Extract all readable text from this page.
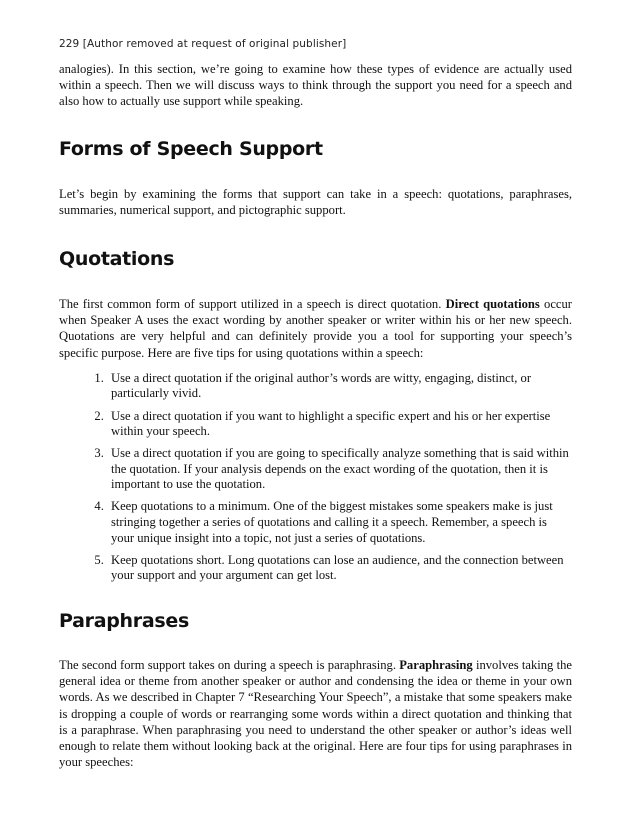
229 [Author removed at request of original publisher]

analogies). In this section, we’re going to examine how these types of evidence are actually used within a speech. Then we will discuss ways to think through the support you need for a speech and also how to actually use support while speaking.

Forms of Speech Support

Let’s begin by examining the forms that support can take in a speech: quotations, paraphrases, summaries, numerical support, and pictographic support.

Quotations

The first common form of support utilized in a speech is direct quotation. Direct quotations occur when Speaker A uses the exact wording by another speaker or writer within his or her new speech. Quotations are very helpful and can definitely provide you a tool for supporting your speech’s specific purpose. Here are five tips for using quotations within a speech:

1. Use a direct quotation if the original author’s words are witty, engaging, distinct, or particularly vivid.
2. Use a direct quotation if you want to highlight a specific expert and his or her expertise within your speech.
3. Use a direct quotation if you are going to specifically analyze something that is said within the quotation. If your analysis depends on the exact wording of the quotation, then it is important to use the quotation.
4. Keep quotations to a minimum. One of the biggest mistakes some speakers make is just stringing together a series of quotations and calling it a speech. Remember, a speech is your unique insight into a topic, not just a series of quotations.
5. Keep quotations short. Long quotations can lose an audience, and the connection between your support and your argument can get lost.
Paraphrases

The second form support takes on during a speech is paraphrasing. Paraphrasing involves taking the general idea or theme from another speaker or author and condensing the idea or theme in your own words. As we described in Chapter 7 “Researching Your Speech”, a mistake that some speakers make is dropping a couple of words or rearranging some words within a direct quotation and thinking that is a paraphrase. When paraphrasing you need to understand the other speaker or author’s ideas well enough to relate them without looking back at the original. Here are four tips for using paraphrases in your speeches:
